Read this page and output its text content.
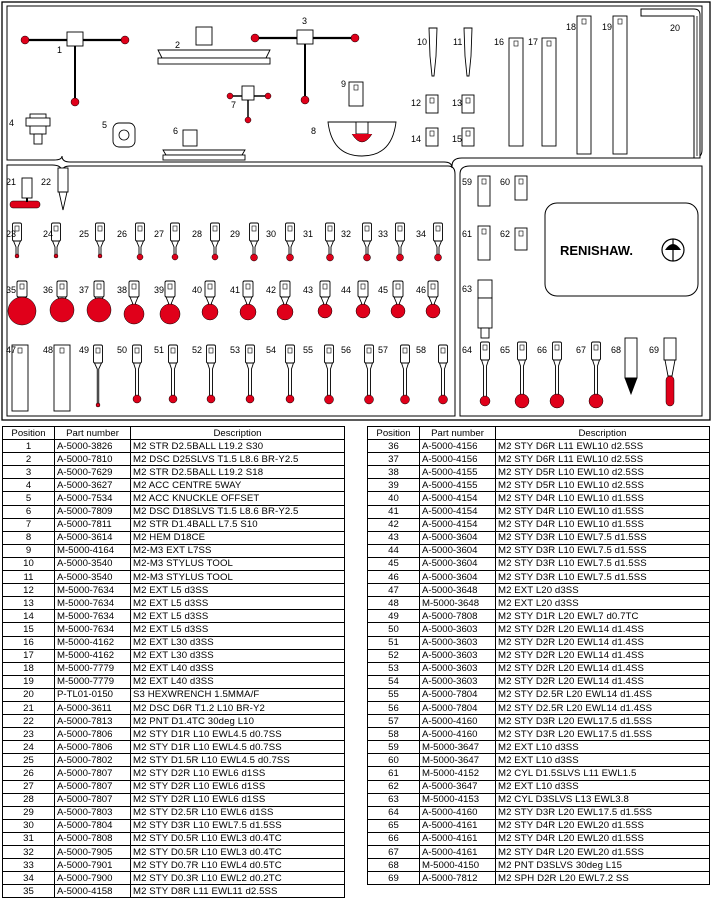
RENISHAW.
1	2
3
4	5
6
7
8
9
10	11
12	13
14	15
16	17
18	19	20
21	22
23	24	25	26	27	28	29	30	31	32	33	34
35	36	37	38	39	40	41	42	43	44	45	46
47	48	49	50	51	52	53	54	55	56	57	58
59	60
61	62
63
64	65	66	67	68	69
Position	Part number	Description
1	A-5000-3826	M2 STR D2.5BALL L19.2 S30
2	A-5000-7810	M2 DSC D25SLVS T1.5 L8.6 BR-Y2.5
3	A-5000-7629	M2 STR D2.5BALL L19.2 S18
4	A-5000-3627	M2 ACC CENTRE 5WAY
5	A-5000-7534	M2 ACC KNUCKLE OFFSET
6	A-5000-7809	M2 DSC D18SLVS T1.5 L8.6 BR-Y2.5
7	A-5000-7811	M2 STR D1.4BALL L7.5 S10
8	A-5000-3614	M2 HEM D18CE
9	M-5000-4164	M2-M3 EXT L7SS
10	A-5000-3540	M2-M3 STYLUS TOOL
11	A-5000-3540	M2-M3 STYLUS TOOL
12	M-5000-7634	M2 EXT L5 d3SS
13	M-5000-7634	M2 EXT L5 d3SS
14	M-5000-7634	M2 EXT L5 d3SS
15	M-5000-7634	M2 EXT L5 d3SS
16	M-5000-4162	M2 EXT L30 d3SS
17	M-5000-4162	M2 EXT L30 d3SS
18	M-5000-7779	M2 EXT L40 d3SS
19	M-5000-7779	M2 EXT L40 d3SS
20	P-TL01-0150	S3 HEXWRENCH 1.5MMA/F
21	A-5000-3611	M2 DSC D6R T1.2 L10 BR-Y2
22	A-5000-7813	M2 PNT D1.4TC 30deg L10
23	A-5000-7806	M2 STY D1R L10 EWL4.5 d0.7SS
24	A-5000-7806	M2 STY D1R L10 EWL4.5 d0.7SS
25	A-5000-7802	M2 STY D1.5R L10 EWL4.5 d0.7SS
26	A-5000-7807	M2 STY D2R L10 EWL6 d1SS
27	A-5000-7807	M2 STY D2R L10 EWL6 d1SS
28	A-5000-7807	M2 STY D2R L10 EWL6 d1SS
29	A-5000-7803	M2 STY D2.5R L10 EWL6 d1SS
30	A-5000-7804	M2 STY D3R L10 EWL7.5 d1.5SS
31	A-5000-7808	M2 STY D0.5R L10 EWL3 d0.4TC
32	A-5000-7905	M2 STY D0.5R L10 EWL3 d0.4TC
33	A-5000-7901	M2 STY D0.7R L10 EWL4 d0.5TC
34	A-5000-7900	M2 STY D0.3R L10 EWL2 d0.2TC
35	A-5000-4158	M2 STY D8R L11 EWL11 d2.5SS
Position	Part number	Description
36	A-5000-4156	M2 STY D6R L11 EWL10 d2.5SS
37	A-5000-4156	M2 STY D6R L11 EWL10 d2.5SS
38	A-5000-4155	M2 STY D5R L10 EWL10 d2.5SS
39	A-5000-4155	M2 STY D5R L10 EWL10 d2.5SS
40	A-5000-4154	M2 STY D4R L10 EWL10 d1.5SS
41	A-5000-4154	M2 STY D4R L10 EWL10 d1.5SS
42	A-5000-4154	M2 STY D4R L10 EWL10 d1.5SS
43	A-5000-3604	M2 STY D3R L10 EWL7.5 d1.5SS
44	A-5000-3604	M2 STY D3R L10 EWL7.5 d1.5SS
45	A-5000-3604	M2 STY D3R L10 EWL7.5 d1.5SS
46	A-5000-3604	M2 STY D3R L10 EWL7.5 d1.5SS
47	A-5000-3648	M2 EXT L20 d3SS
48	M-5000-3648	M2 EXT L20 d3SS
49	A-5000-7808	M2 STY D1R L20 EWL7 d0.7TC
50	A-5000-3603	M2 STY D2R L20 EWL14 d1.4SS
51	A-5000-3603	M2 STY D2R L20 EWL14 d1.4SS
52	A-5000-3603	M2 STY D2R L20 EWL14 d1.4SS
53	A-5000-3603	M2 STY D2R L20 EWL14 d1.4SS
54	A-5000-3603	M2 STY D2R L20 EWL14 d1.4SS
55	A-5000-7804	M2 STY D2.5R L20 EWL14 d1.4SS
56	A-5000-7804	M2 STY D2.5R L20 EWL14 d1.4SS
57	A-5000-4160	M2 STY D3R L20 EWL17.5 d1.5SS
58	A-5000-4160	M2 STY D3R L20 EWL17.5 d1.5SS
59	M-5000-3647	M2 EXT L10 d3SS
60	M-5000-3647	M2 EXT L10 d3SS
61	M-5000-4152	M2 CYL D1.5SLVS L11 EWL1.5
62	A-5000-3647	M2 EXT L10 d3SS
63	M-5000-4153	M2 CYL D3SLVS L13 EWL3.8
64	A-5000-4160	M2 STY D3R L20 EWL17.5 d1.5SS
65	A-5000-4161	M2 STY D4R L20 EWL20 d1.5SS
66	A-5000-4161	M2 STY D4R L20 EWL20 d1.5SS
67	A-5000-4161	M2 STY D4R L20 EWL20 d1.5SS
68	M-5000-4150	M2 PNT D3SLVS 30deg L15
69	A-5000-7812	M2 SPH D2R L20 EWL7.2 SS
